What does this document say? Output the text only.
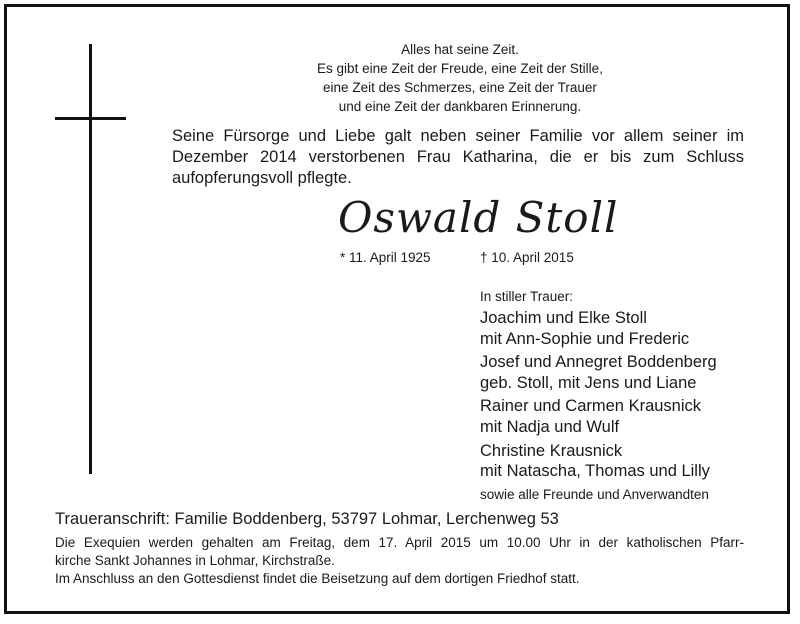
Alles hat seine Zeit.
Es gibt eine Zeit der Freude, eine Zeit der Stille,
eine Zeit des Schmerzes, eine Zeit der Trauer
und eine Zeit der dankbaren Erinnerung.
Seine Fürsorge und Liebe galt neben seiner Familie vor allem seiner im
Dezember 2014 verstorbenen Frau Katharina, die er bis zum Schluss
aufopferungsvoll pflegte.
Oswald Stoll
* 11. April 1925	† 10. April 2015
In stiller Trauer:
Joachim und Elke Stoll
mit Ann-Sophie und Frederic
Josef und Annegret Boddenberg
geb. Stoll, mit Jens und Liane
Rainer und Carmen Krausnick
mit Nadja und Wulf
Christine Krausnick
mit Natascha, Thomas und Lilly
sowie alle Freunde und Anverwandten
Traueranschrift: Familie Boddenberg, 53797 Lohmar, Lerchenweg 53
Die Exequien werden gehalten am Freitag, dem 17. April 2015 um 10.00 Uhr in der katholischen Pfarr-
kirche Sankt Johannes in Lohmar, Kirchstraße.
Im Anschluss an den Gottesdienst findet die Beisetzung auf dem dortigen Friedhof statt.
